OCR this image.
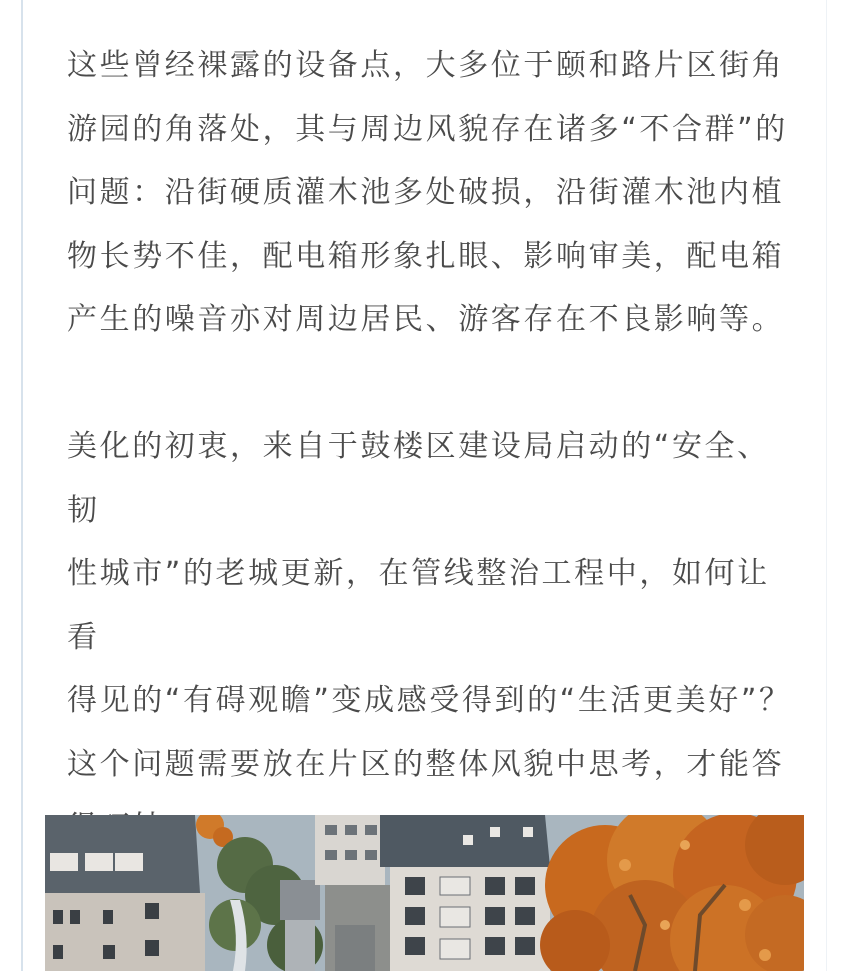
这些曾经裸露的设备点，大多位于颐和路片区街角
游园的角落处，其与周边风貌存在诸多“不合群”的
问题：沿街硬质灌木池多处破损，沿街灌木池内植
物长势不佳，配电箱形象扎眼、影响审美，配电箱
产生的噪音亦对周边居民、游客存在不良影响等。

美化的初衷，来自于鼓楼区建设局启动的“安全、韧
性城市”的老城更新，在管线整治工程中，如何让看
得见的“有碍观瞻”变成感受得到的“生活更美好”？
这个问题需要放在片区的整体风貌中思考，才能答
